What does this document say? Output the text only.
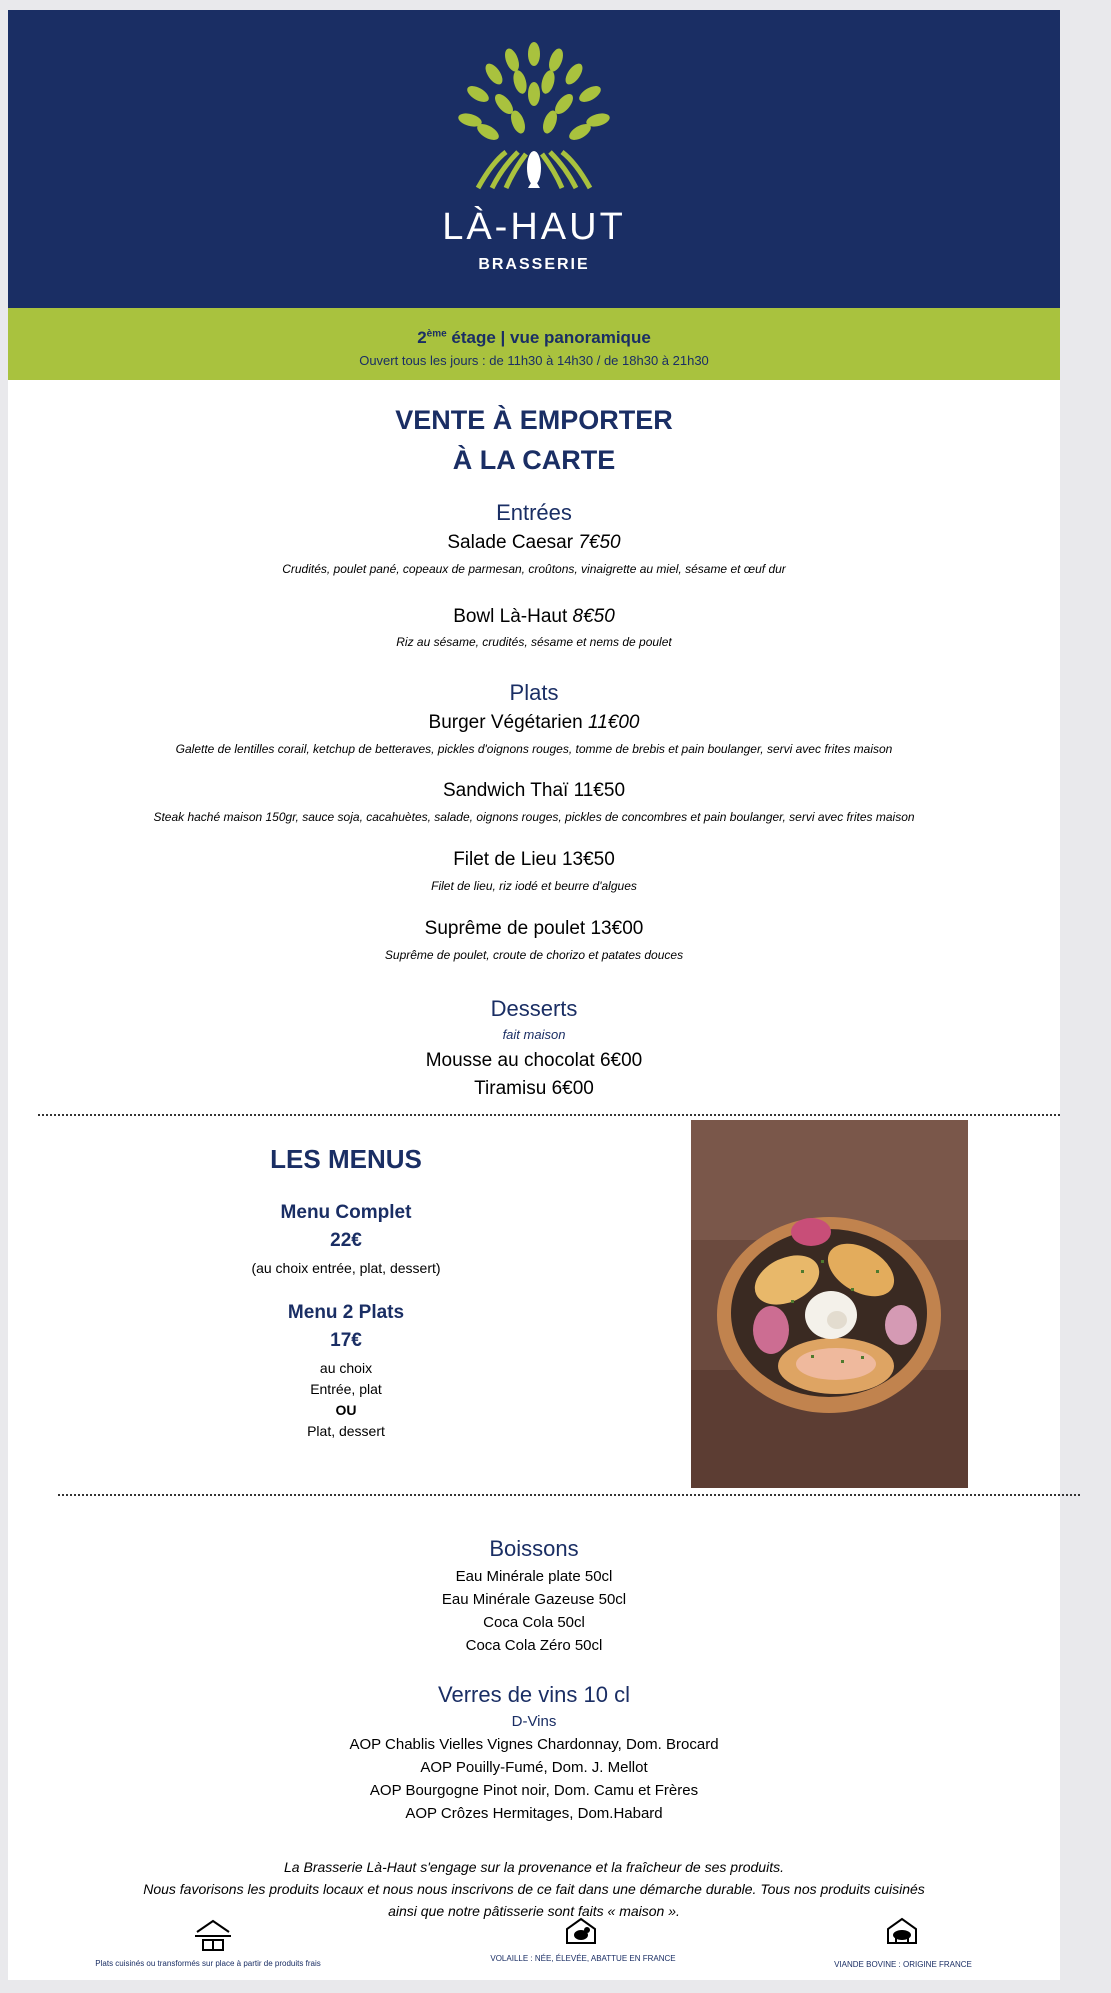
LÀ-HAUT
BRASSERIE
2ème étage | vue panoramique
Ouvert tous les jours : de 11h30 à 14h30 / de 18h30 à 21h30
VENTE À EMPORTER
À LA CARTE
Entrées
Salade Caesar 7€50
Crudités, poulet pané, copeaux de parmesan, croûtons, vinaigrette au miel, sésame et œuf dur
Bowl Là-Haut 8€50
Riz au sésame, crudités, sésame et nems de poulet
Plats
Burger Végétarien 11€00
Galette de lentilles corail, ketchup de betteraves, pickles d'oignons rouges, tomme de brebis et pain boulanger, servi avec frites maison
Sandwich Thaï 11€50
Steak haché maison 150gr, sauce soja, cacahuètes, salade, oignons rouges, pickles de concombres et pain boulanger, servi avec frites maison
Filet de Lieu 13€50
Filet de lieu, riz iodé et beurre d'algues
Suprême de poulet 13€00
Suprême de poulet, croute de chorizo et patates douces
Desserts
fait maison
Mousse au chocolat 6€00
Tiramisu 6€00
LES MENUS
Menu Complet
22€
(au choix entrée, plat, dessert)
Menu 2 Plats
17€
au choix
Entrée, plat
OU
Plat, dessert
Boissons
Eau Minérale plate 50cl
Eau Minérale Gazeuse 50cl
Coca Cola 50cl
Coca Cola Zéro 50cl
Verres de vins 10 cl
D-Vins
AOP Chablis Vielles Vignes Chardonnay, Dom. Brocard
AOP Pouilly-Fumé, Dom. J. Mellot
AOP Bourgogne Pinot noir, Dom. Camu et Frères
AOP Crôzes Hermitages, Dom.Habard
La Brasserie Là-Haut s'engage sur la provenance et la fraîcheur de ses produits.
Nous favorisons les produits locaux et nous nous inscrivons de ce fait dans une démarche durable. Tous nos produits cuisinés
ainsi que notre pâtisserie sont faits « maison ».
Plats cuisinés ou transformés sur place à partir de produits frais
VOLAILLE : NÉE, ÉLEVÉE, ABATTUE EN FRANCE
VIANDE BOVINE : ORIGINE FRANCE
